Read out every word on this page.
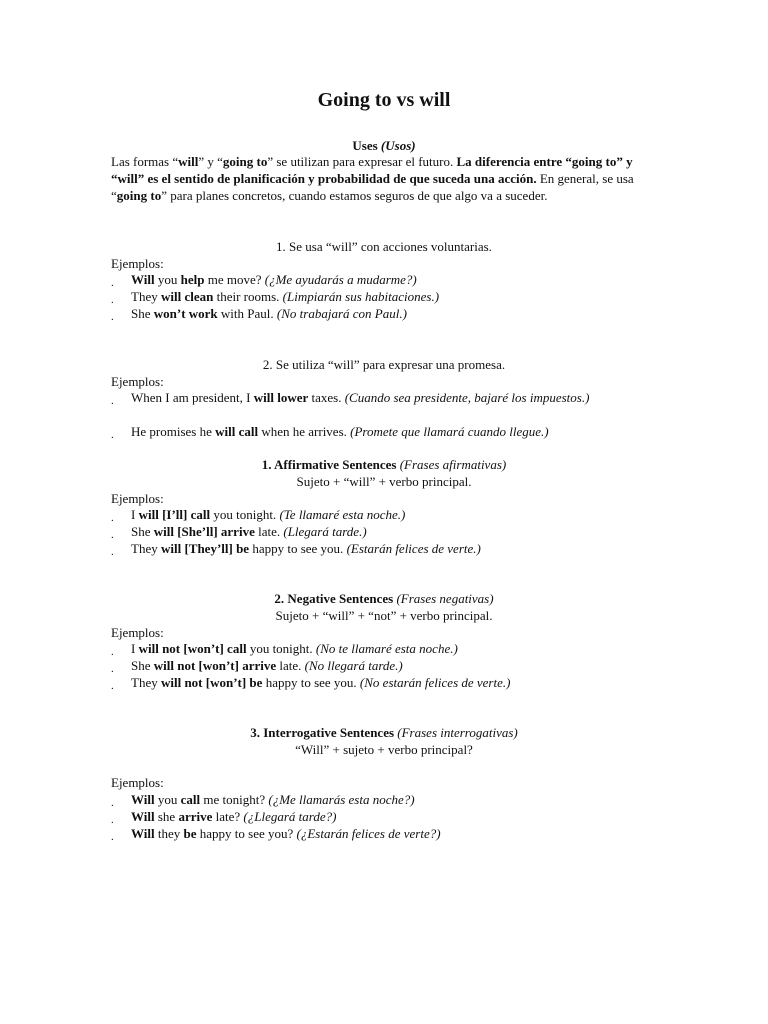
Going to vs will
Uses (Usos)
Las formas “will” y “going to” se utilizan para expresar el futuro. La diferencia entre “going to” y “will” es el sentido de planificación y probabilidad de que suceda una acción. En general, se usa “going to” para planes concretos, cuando estamos seguros de que algo va a suceder.
1. Se usa “will” con acciones voluntarias.
Ejemplos:
. Will you help me move? (¿Me ayudarás a mudarme?)
. They will clean their rooms. (Limpiarán sus habitaciones.)
. She won’t work with Paul. (No trabajará con Paul.)
2. Se utiliza “will” para expresar una promesa.
Ejemplos:
. When I am president, I will lower taxes. (Cuando sea presidente, bajaré los impuestos.)
. He promises he will call when he arrives. (Promete que llamará cuando llegue.)
1. Affirmative Sentences (Frases afirmativas)
Sujeto + “will” + verbo principal.
Ejemplos:
. I will [I’ll] call you tonight. (Te llamaré esta noche.)
. She will [She’ll] arrive late. (Llegará tarde.)
. They will [They’ll] be happy to see you. (Estarán felices de verte.)
2. Negative Sentences (Frases negativas)
Sujeto + “will” + “not” + verbo principal.
Ejemplos:
. I will not [won’t] call you tonight. (No te llamaré esta noche.)
. She will not [won’t] arrive late. (No llegará tarde.)
. They will not [won’t] be happy to see you. (No estarán felices de verte.)
3. Interrogative Sentences (Frases interrogativas)
“Will” + sujeto + verbo principal?
Ejemplos:
. Will you call me tonight? (¿Me llamarás esta noche?)
. Will she arrive late? (¿Llegará tarde?)
. Will they be happy to see you? (¿Estarán felices de verte?)
